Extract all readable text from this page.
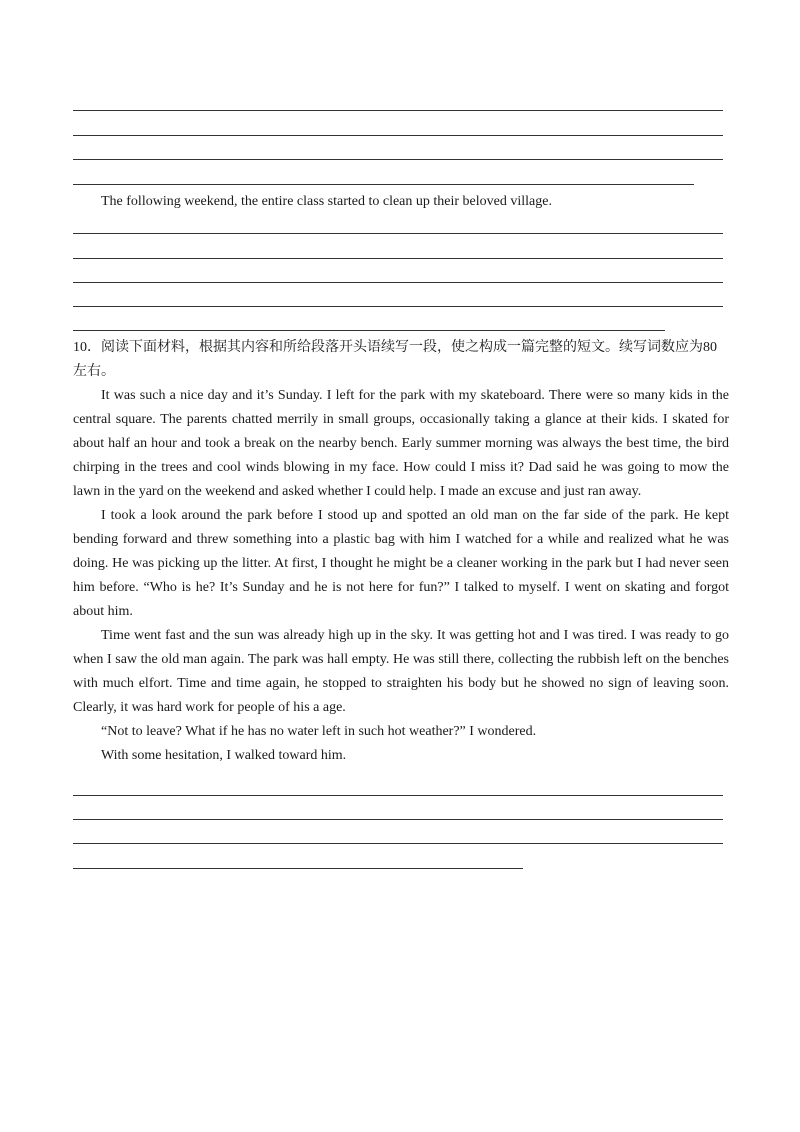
The following weekend, the entire class started to clean up their beloved village.

10．阅读下面材料，根据其内容和所给段落开头语续写一段，使之构成一篇完整的短文。续写词数应为80左右。

It was such a nice day and it’s Sunday. I left for the park with my skateboard. There were so many kids in the central square. The parents chatted merrily in small groups, occasionally taking a glance at their kids. I skated for about half an hour and took a break on the nearby bench. Early summer morning was always the best time, the bird chirping in the trees and cool winds blowing in my face. How could I miss it? Dad said he was going to mow the lawn in the yard on the weekend and asked whether I could help. I made an excuse and just ran away.

I took a look around the park before I stood up and spotted an old man on the far side of the park. He kept bending forward and threw something into a plastic bag with him I watched for a while and realized what he was doing. He was picking up the litter. At first, I thought he might be a cleaner working in the park but I had never seen him before. “Who is he? It’s Sunday and he is not here for fun?” I talked to myself. I went on skating and forgot about him.

Time went fast and the sun was already high up in the sky. It was getting hot and I was tired. I was ready to go when I saw the old man again. The park was hall empty. He was still there, collecting the rubbish left on the benches with much elfort. Time and time again, he stopped to straighten his body but he showed no sign of leaving soon. Clearly, it was hard work for people of his a age.

“Not to leave? What if he has no water left in such hot weather?” I wondered.

With some hesitation, I walked toward him.
